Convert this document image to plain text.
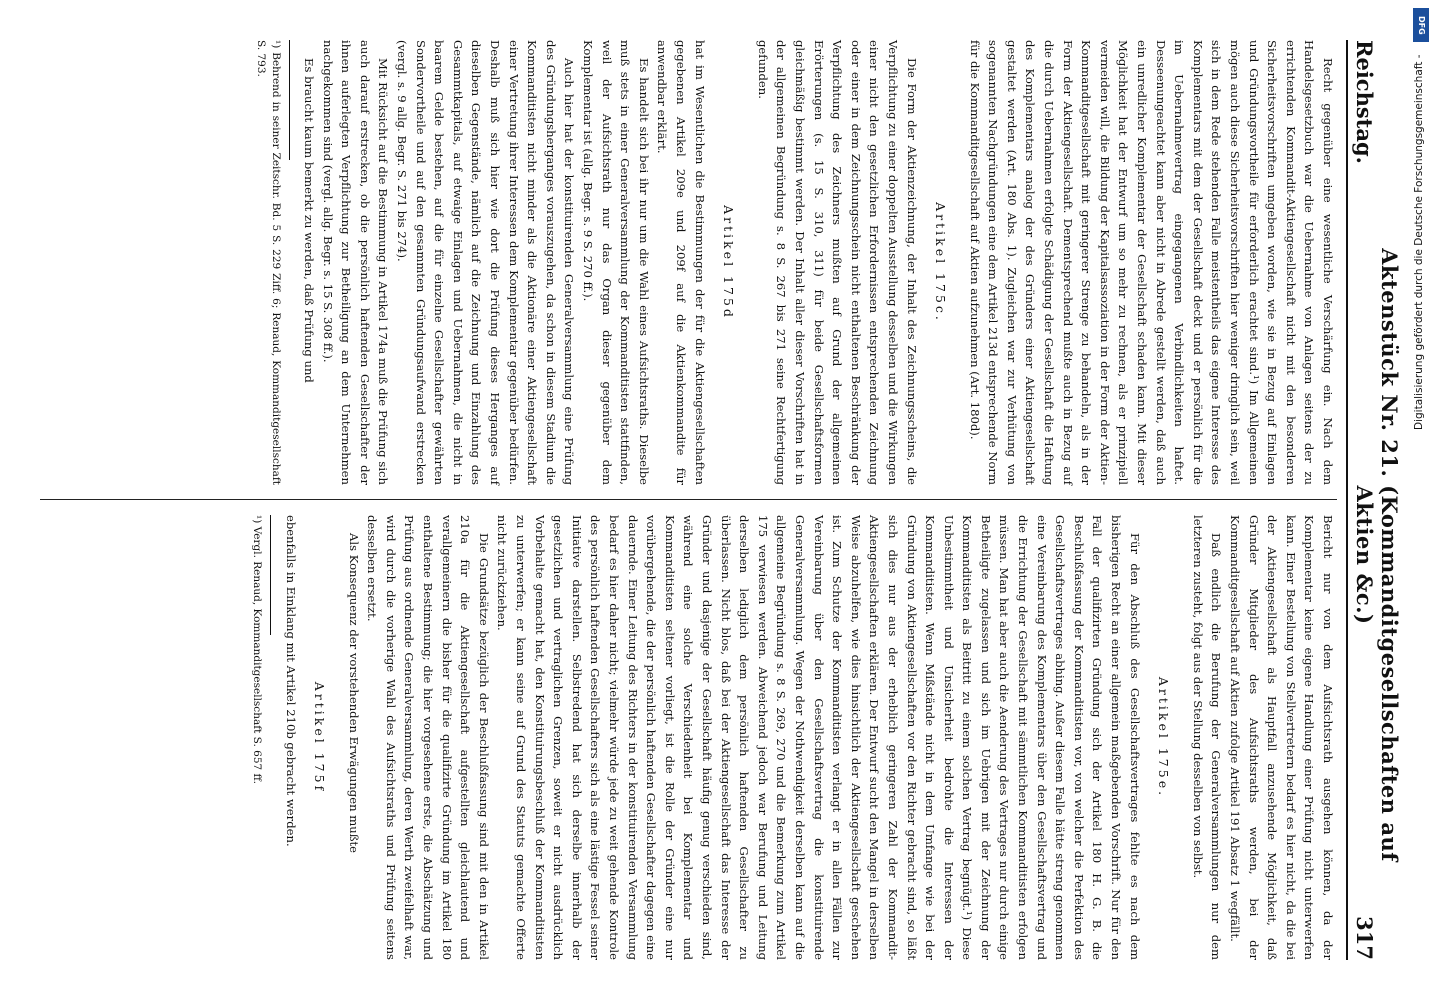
Reichstag.
Aktenstück Nr. 21. (Kommanditgesellschaften auf Aktien &c.)
317

Recht gegenüber eine wesentliche Verschärfung ein. Nach dem Handelsgesetzbuch war die Uebernahme von Anlagen seitens der zu errichtenden Kommandit-Aktiengesellschaft nicht mit den besonderen Sicherheitsvorschriften umgeben worden, wie sie in Bezug auf Einlagen und Gründungsvortheile für erforderlich erachtet sind.¹) Im Allgemeinen mögen auch diese Sicherheitsvorschriften hier weniger dringlich sein, weil sich in dem Rede stehenden Falle meistentheils das eigene Interesse des Komplementars mit dem der Gesellschaft deckt und er persönlich für die im Uebernahmevertrag eingegangenen Verbindlichkeiten haftet. Desseenungeachtet kann aber nicht in Abrede gestellt werden, daß auch ein unredlicher Komplementar der Gesellschaft schaden kann. Mit dieser Möglichkeit hat der Entwurf um so mehr zu rechnen, als er prinzipiell vermeiden will, die Bildung der Kapitalsassoziation in der Form der Aktien-Kommanditgesellschaft mit geringerer Strenge zu behandeln, als in der Form der Aktiengesellschaft. Dementsprechend mußte auch in Bezug auf die durch Uebernahmen erfolgte Schädigung der Gesellschaft die Haftung des Komplementars analog der des Gründers einer Aktiengesellschaft gestaltet werden (Art. 180 Abs. 1). Zugleichen war zur Verhütung von sogenannten Nachgründungen eine dem Artikel 213d entsprechende Norm für die Kommanditgesellschaft auf Aktien aufzunehmen (Art. 180d).

Artikel 175c.

Die Form der Aktienzeichnung, der Inhalt des Zeichnungsscheins, die Verpflichtung zu einer doppelten Ausstellung desselben und die Wirkungen einer nicht den gesetzlichen Erfordernissen entsprechenden Zeichnung oder einer in dem Zeichnungsschein nicht enthaltenen Beschränkung der Verpflichtung des Zeichners mußten auf Grund der allgemeinen Erörterungen (s. 15 S. 310, 311) für beide Gesellschaftsformen gleichmäßig bestimmt werden. Der Inhalt aller dieser Vorschriften hat in der allgemeinen Begründung s. 8 S. 267 bis 271 seine Rechtfertigung gefunden.

Artikel 175d

hat im Wesentlichen die Bestimmungen der für die Aktiengesellschaften gegebenen Artikel 209e und 209f auf die Aktienkommandite für anwendbar erklärt.

Es handelt sich bei ihr nur um die Wahl eines Aufsichtsraths. Dieselbe muß stets in einer Generalversammlung der Kommanditisten stattfinden, weil der Aufsichtsrath nur das Organ dieser gegenüber dem Komplementar ist (allg. Begr. s. 9 S. 270 ff.).

Auch hier hat der konstituirenden Generalversammlung eine Prüfung des Gründungsherganges vorauszugehen, da schon in diesem Stadium die Kommanditisten nicht minder als die Aktionäre einer Aktiengesellschaft einer Vertretung ihrer Interessen dem Komplementar gegenüber bedürfen. Deshalb muß sich hier wie dort die Prüfung dieses Herganges auf dieselben Gegenstände, nämlich auf die Zeichnung und Einzahlung des Gesammtkapitals, auf etwaige Einlagen und Uebernahmen, die nicht in baarem Gelde bestehen, auf die für einzelne Gesellschafter gewährten Sondervortheile und auf den gesammten Gründungsaufwand erstrecken (vergl. s. 9 allg. Begr. S. 271 bis 274).

Mit Rücksicht auf die Bestimmung in Artikel 174a muß die Prüfung sich auch darauf erstrecken, ob die persönlich haftenden Gesellschafter der ihnen auferlegten Verpflichtung zur Betheiligung an dem Unternehmen nachgekommen sind (vergl. allg. Begr. s. 15 S. 308 ff.).

Es braucht kaum bemerkt zu werden, daß Prüfung und

¹) Behrend in seiner Zeitschr. Bd. 5 S. 229 Ziff. 6; Renaud, Kommanditgesellschaft S. 793.

Bericht nur von dem Aufsichtsrath ausgehen können, da der Komplementar keine eigene Handlung einer Prüfung nicht unterwerfen kann. Einer Bestellung von Stellvertretern bedarf es hier nicht, da die bei der Aktiengesellschaft als Hauptfall anzusehende Möglichkeit, daß Gründer Mitglieder des Aufsichtsraths werden, bei der Kommanditgesellschaft auf Aktien zufolge Artikel 191 Absatz 1 wegfällt.

Daß endlich die Berufung der Generalversammlungen nur dem letzteren zusteht, folgt aus der Stellung desselben von selbst.

Artikel 175e.

Für den Abschluß des Gesellschaftsvertrages fehlte es nach dem bisherigen Recht an einer allgemein maßgebenden Vorschrift. Nur für den Fall der qualifizirten Gründung sich der Artikel 180 H. G. B. die Beschlußfassung der Kommanditisten vor, von welcher die Perfektion des Gesellschaftsvertrages abhing. Außer diesem Falle hätte streng genommen eine Vereinbarung des Komplementars über den Gesellschaftsvertrag und die Errichtung der Gesellschaft mit sämmtlichen Kommanditisten erfolgen müssen. Man hat aber auch die Aenderung des Vertrages nur durch einige Betheiligte zugelassen und sich im Uebrigen mit der Zeichnung der Kommanditisten als Beitritt zu einem solchen Vertrag begnügt.¹) Diese Unbestimmtheit und Unsicherheit bedrohte die Interessen der Kommanditisten. Wenn Mißstände nicht in dem Umfange wie bei der Gründung von Aktiengesellschaften vor den Richter gebracht sind, so läßt sich dies nur aus der erheblich geringeren Zahl der Kommandit-Aktiengesellschaften erklären. Der Entwurf sucht den Mangel in derselben Weise abzuhelfen, wie dies hinsichtlich der Aktiengesellschaft geschehen ist. Zum Schutze der Kommanditisten verlangt er in allen Fällen zur Vereinbarung über den Gesellschaftsvertrag die konstituirende Generalversammlung. Wegen der Nothwendigkeit derselben kann auf die allgemeine Begründung s. 8 S. 269, 270 und die Bemerkung zum Artikel 175 verwiesen werden. Abweichend jedoch war Berufung und Leitung derselben lediglich dem persönlich haftenden Gesellschafter zu überlassen. Nicht blos, daß bei der Aktiengesellschaft das Interesse der Gründer und dasjenige der Gesellschaft häufig genug verschieden sind, während eine solche Verschiedenheit bei Komplementar und Kommanditisten seltener vorliegt, ist die Rolle der Gründer eine nur vorübergehende, die der persönlich haftenden Gesellschafter dagegen eine dauernde. Einer Leitung des Richters in der konstituirenden Versammlung bedarf es hier daher nicht; vielmehr würde jede zu weit gehende Kontrole des persönlich haftenden Gesellschafters sich als eine lästige Fessel seiner Initiative darstellen. Selbstredend hat sich derselbe innerhalb der gesetzlichen und vertraglichen Grenzen, soweit er nicht ausdrücklich Vorbehalte gemacht hat, den Konstituirungsbeschluß der Kommanditisten zu unterwerfen; er kann seine auf Grund des Statuts gemachte Offerte nicht zurückziehen.

Die Grundsätze bezüglich der Beschlußfassung sind mit den in Artikel 210a für die Aktiengesellschaft aufgestellten gleichlautend und verallgemeinern die bisher für die qualifizirte Gründung im Artikel 180 enthaltene Bestimmung; die hier vorgesehene erste, die Abschätzung und Prüfung aus ordnende Generalversammlung, deren Werth zweifelhaft war, wird durch die vorherige Wahl des Aufsichtsraths und Prüfung seitens desselben ersetzt.

Als Konsequenz der vorstehenden Erwägungen mußte

Artikel 175f

ebenfalls in Einklang mit Artikel 210b gebracht werden.

¹) Vergl. Renaud, Kommanditgesellschaft S. 657 ff.

DFG
Digitalisierung gefördert durch die Deutsche Forschungsgemeinschaft -
